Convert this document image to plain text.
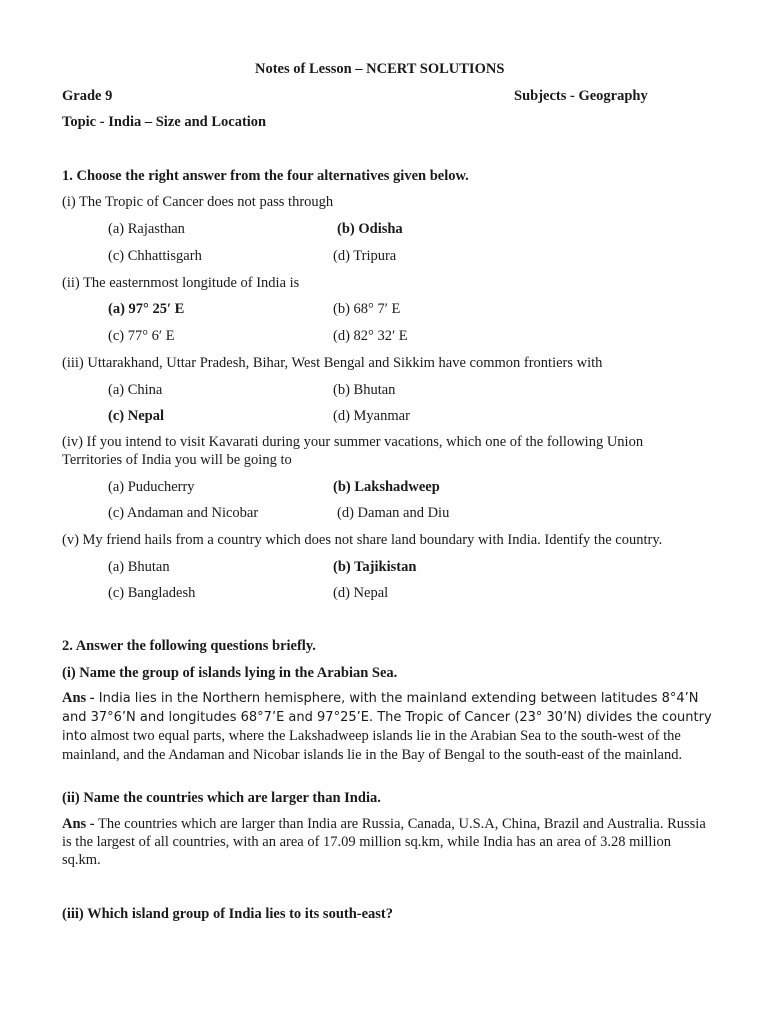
Notes of Lesson – NCERT SOLUTIONS
Grade 9	Subjects - Geography
Topic - India – Size and Location
1. Choose the right answer from the four alternatives given below.
(i) The Tropic of Cancer does not pass through
(a) Rajasthan	(b) Odisha
(c) Chhattisgarh	(d) Tripura
(ii) The easternmost longitude of India is
(a) 97° 25′ E	(b) 68° 7′ E
(c) 77° 6′ E	(d) 82° 32′ E
(iii) Uttarakhand, Uttar Pradesh, Bihar, West Bengal and Sikkim have common frontiers with
(a) China	(b) Bhutan
(c) Nepal	(d) Myanmar
(iv) If you intend to visit Kavarati during your summer vacations, which one of the following Union
Territories of India you will be going to
(a) Puducherry	(b) Lakshadweep
(c) Andaman and Nicobar	(d) Daman and Diu
(v) My friend hails from a country which does not share land boundary with India. Identify the country.
(a) Bhutan	(b) Tajikistan
(c) Bangladesh	(d) Nepal
2. Answer the following questions briefly.
(i) Name the group of islands lying in the Arabian Sea.
Ans - India lies in the Northern hemisphere, with the mainland extending between latitudes 8°4’N and 37°6’N and longitudes 68°7’E and 97°25’E. The Tropic of Cancer (23° 30’N) divides the country into almost two equal parts, where the Lakshadweep islands lie in the Arabian Sea to the south-west of the mainland, and the Andaman and Nicobar islands lie in the Bay of Bengal to the south-east of the mainland.
(ii) Name the countries which are larger than India.
Ans - The countries which are larger than India are Russia, Canada, U.S.A, China, Brazil and Australia. Russia is the largest of all countries, with an area of 17.09 million sq.km, while India has an area of 3.28 million sq.km.
(iii) Which island group of India lies to its south-east?
